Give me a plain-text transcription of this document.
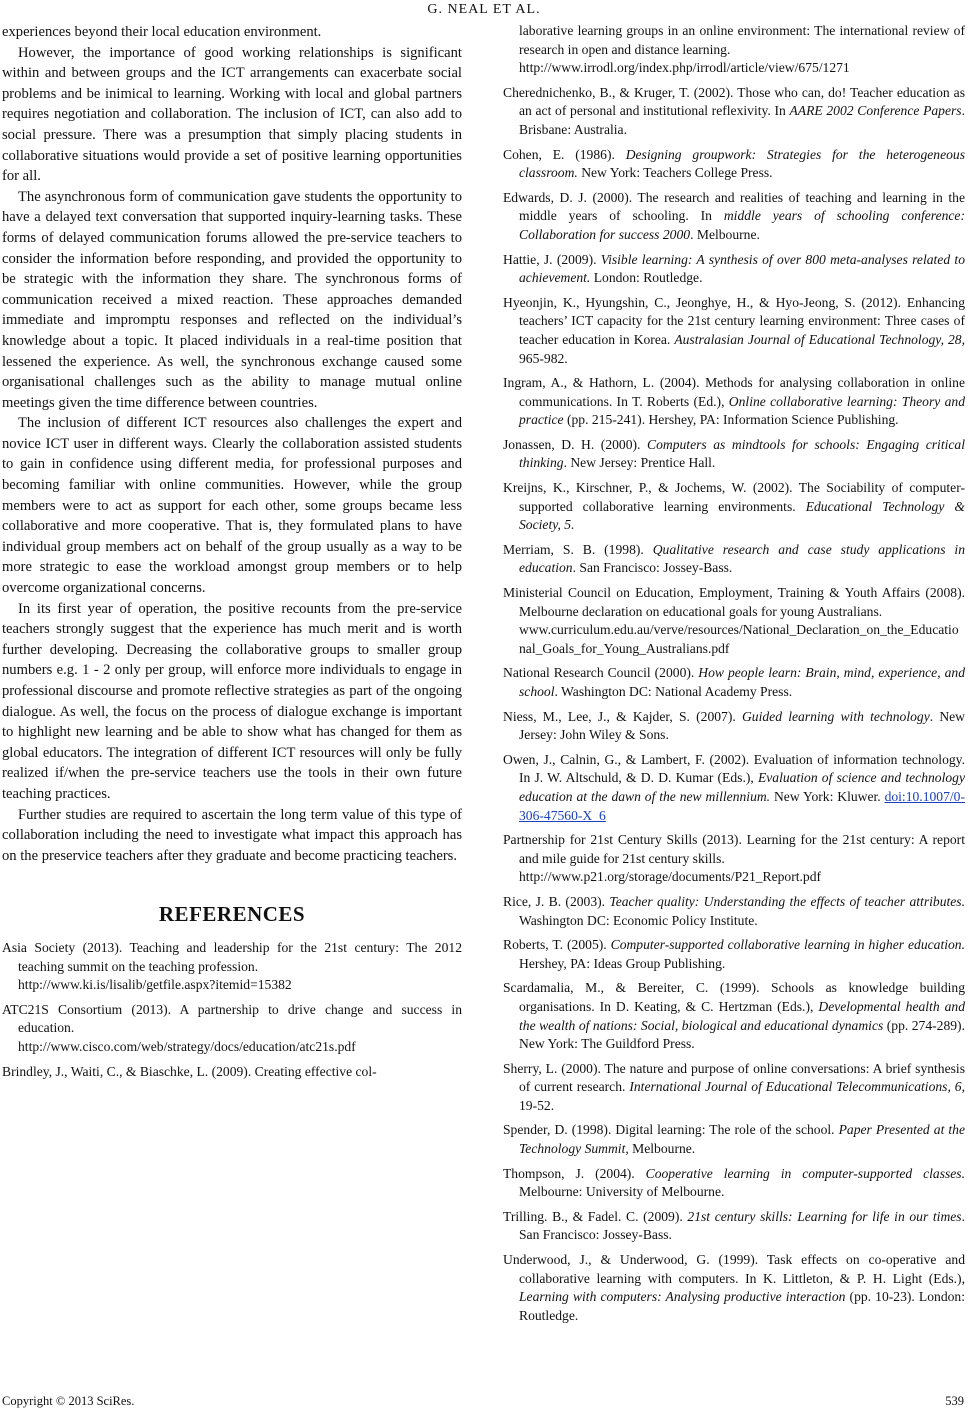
G. NEAL ET AL.

experiences beyond their local education environment.

However, the importance of good working relationships is significant within and between groups and the ICT arrangements can exacerbate social problems and be inimical to learning. Working with local and global partners requires negotiation and collaboration. The inclusion of ICT, can also add to social pressure. There was a presumption that simply placing students in collaborative situations would provide a set of positive learning opportunities for all.

The asynchronous form of communication gave students the opportunity to have a delayed text conversation that supported inquiry-learning tasks. These forms of delayed communication forums allowed the pre-service teachers to consider the information before responding, and provided the opportunity to be strategic with the information they share. The synchronous forms of communication received a mixed reaction. These approaches demanded immediate and impromptu responses and reflected on the individual’s knowledge about a topic. It placed individuals in a real-time position that lessened the experience. As well, the synchronous exchange caused some organisational challenges such as the ability to manage mutual online meetings given the time difference between countries.

The inclusion of different ICT resources also challenges the expert and novice ICT user in different ways. Clearly the collaboration assisted students to gain in confidence using different media, for professional purposes and becoming familiar with online communities. However, while the group members were to act as support for each other, some groups became less collaborative and more cooperative. That is, they formulated plans to have individual group members act on behalf of the group usually as a way to be more strategic to ease the workload amongst group members or to help overcome organizational concerns.

In its first year of operation, the positive recounts from the pre-service teachers strongly suggest that the experience has much merit and is worth further developing. Decreasing the collaborative groups to smaller group numbers e.g. 1 - 2 only per group, will enforce more individuals to engage in professional discourse and promote reflective strategies as part of the ongoing dialogue. As well, the focus on the process of dialogue exchange is important to highlight new learning and be able to show what has changed for them as global educators. The integration of different ICT resources will only be fully realized if/when the pre-service teachers use the tools in their own future teaching practices.

Further studies are required to ascertain the long term value of this type of collaboration including the need to investigate what impact this approach has on the preservice teachers after they graduate and become practicing teachers.

REFERENCES
Asia Society (2013). Teaching and leadership for the 21st century: The 2012 teaching summit on the teaching profession.
http://www.ki.is/lisalib/getfile.aspx?itemid=15382
ATC21S Consortium (2013). A partnership to drive change and success in education.
http://www.cisco.com/web/strategy/docs/education/atc21s.pdf
Brindley, J., Waiti, C., & Biaschke, L. (2009). Creating effective col-
laborative learning groups in an online environment: The international review of research in open and distance learning.
http://www.irrodl.org/index.php/irrodl/article/view/675/1271
Cherednichenko, B., & Kruger, T. (2002). Those who can, do! Teacher education as an act of personal and institutional reflexivity. In AARE 2002 Conference Papers. Brisbane: Australia.
Cohen, E. (1986). Designing groupwork: Strategies for the heterogeneous classroom. New York: Teachers College Press.
Edwards, D. J. (2000). The research and realities of teaching and learning in the middle years of schooling. In middle years of schooling conference: Collaboration for success 2000. Melbourne.
Hattie, J. (2009). Visible learning: A synthesis of over 800 meta-analyses related to achievement. London: Routledge.
Hyeonjin, K., Hyungshin, C., Jeonghye, H., & Hyo-Jeong, S. (2012). Enhancing teachers’ ICT capacity for the 21st century learning environment: Three cases of teacher education in Korea. Australasian Journal of Educational Technology, 28, 965-982.
Ingram, A., & Hathorn, L. (2004). Methods for analysing collaboration in online communications. In T. Roberts (Ed.), Online collaborative learning: Theory and practice (pp. 215-241). Hershey, PA: Information Science Publishing.
Jonassen, D. H. (2000). Computers as mindtools for schools: Engaging critical thinking. New Jersey: Prentice Hall.
Kreijns, K., Kirschner, P., & Jochems, W. (2002). The Sociability of computer-supported collaborative learning environments. Educational Technology & Society, 5.
Merriam, S. B. (1998). Qualitative research and case study applications in education. San Francisco: Jossey-Bass.
Ministerial Council on Education, Employment, Training & Youth Affairs (2008). Melbourne declaration on educational goals for young Australians.
www.curriculum.edu.au/verve/resources/National_Declaration_on_the_Educational_Goals_for_Young_Australians.pdf
National Research Council (2000). How people learn: Brain, mind, experience, and school. Washington DC: National Academy Press.
Niess, M., Lee, J., & Kajder, S. (2007). Guided learning with technology. New Jersey: John Wiley & Sons.
Owen, J., Calnin, G., & Lambert, F. (2002). Evaluation of information technology. In J. W. Altschuld, & D. D. Kumar (Eds.), Evaluation of science and technology education at the dawn of the new millennium. New York: Kluwer. doi:10.1007/0-306-47560-X_6
Partnership for 21st Century Skills (2013). Learning for the 21st century: A report and mile guide for 21st century skills.
http://www.p21.org/storage/documents/P21_Report.pdf
Rice, J. B. (2003). Teacher quality: Understanding the effects of teacher attributes. Washington DC: Economic Policy Institute.
Roberts, T. (2005). Computer-supported collaborative learning in higher education. Hershey, PA: Ideas Group Publishing.
Scardamalia, M., & Bereiter, C. (1999). Schools as knowledge building organisations. In D. Keating, & C. Hertzman (Eds.), Developmental health and the wealth of nations: Social, biological and educational dynamics (pp. 274-289). New York: The Guildford Press.
Sherry, L. (2000). The nature and purpose of online conversations: A brief synthesis of current research. International Journal of Educational Telecommunications, 6, 19-52.
Spender, D. (1998). Digital learning: The role of the school. Paper Presented at the Technology Summit, Melbourne.
Thompson, J. (2004). Cooperative learning in computer-supported classes. Melbourne: University of Melbourne.
Trilling. B., & Fadel. C. (2009). 21st century skills: Learning for life in our times. San Francisco: Jossey-Bass.
Underwood, J., & Underwood, G. (1999). Task effects on co-operative and collaborative learning with computers. In K. Littleton, & P. H. Light (Eds.), Learning with computers: Analysing productive interaction (pp. 10-23). London: Routledge.
Copyright © 2013 SciRes.	539
